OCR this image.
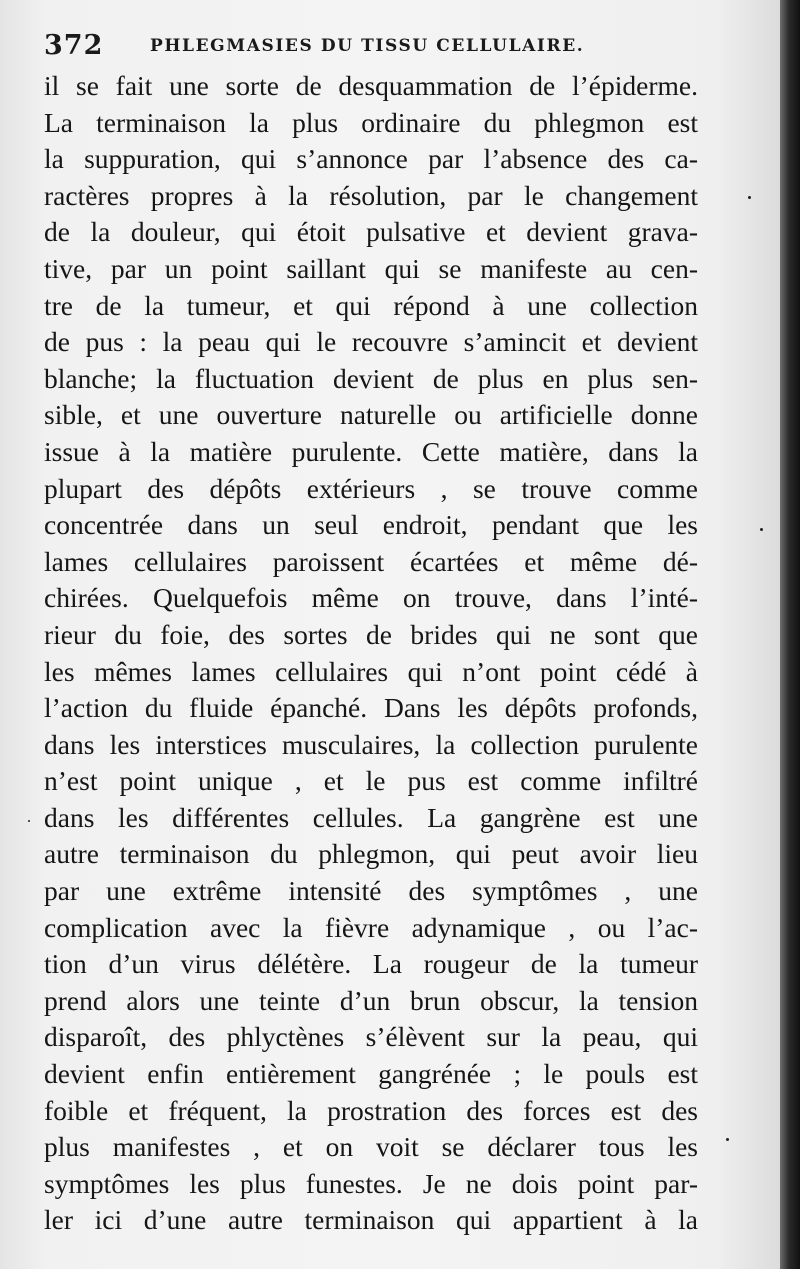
372	PHLEGMASIES DU TISSU CELLULAIRE.
il se fait une sorte de desquammation de l’épiderme.
La terminaison la plus ordinaire du phlegmon est
la suppuration, qui s’annonce par l’absence des ca-
ractères propres à la résolution, par le changement
de la douleur, qui étoit pulsative et devient grava-
tive, par un point saillant qui se manifeste au cen-
tre de la tumeur, et qui répond à une collection
de pus : la peau qui le recouvre s’amincit et devient
blanche; la fluctuation devient de plus en plus sen-
sible, et une ouverture naturelle ou artificielle donne
issue à la matière purulente. Cette matière, dans la
plupart des dépôts extérieurs , se trouve comme
concentrée dans un seul endroit, pendant que les
lames cellulaires paroissent écartées et même dé-
chirées. Quelquefois même on trouve, dans l’inté-
rieur du foie, des sortes de brides qui ne sont que
les mêmes lames cellulaires qui n’ont point cédé à
l’action du fluide épanché. Dans les dépôts profonds,
dans les interstices musculaires, la collection purulente
n’est point unique , et le pus est comme infiltré
dans les différentes cellules. La gangrène est une
autre terminaison du phlegmon, qui peut avoir lieu
par une extrême intensité des symptômes , une
complication avec la fièvre adynamique , ou l’ac-
tion d’un virus délétère. La rougeur de la tumeur
prend alors une teinte d’un brun obscur, la tension
disparoît, des phlyctènes s’élèvent sur la peau, qui
devient enfin entièrement gangrénée ; le pouls est
foible et fréquent, la prostration des forces est des
plus manifestes , et on voit se déclarer tous les
symptômes les plus funestes. Je ne dois point par-
ler ici d’une autre terminaison qui appartient à la
